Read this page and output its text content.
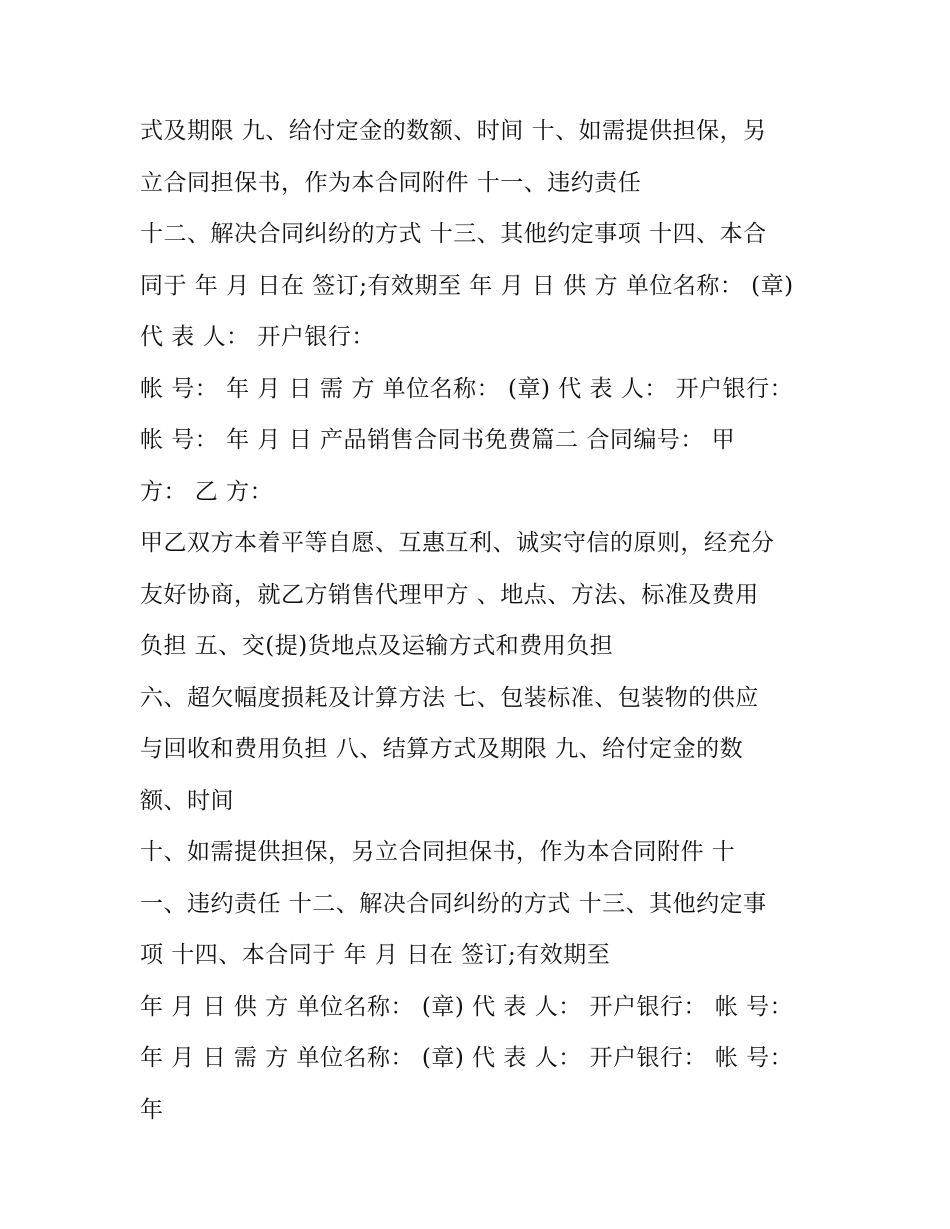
式及期限 九、给付定金的数额、时间 十、如需提供担保，另
立合同担保书，作为本合同附件 十一、违约责任
十二、解决合同纠纷的方式 十三、其他约定事项 十四、本合
同于 年 月 日在 签订;有效期至 年 月 日 供 方 单位名称： (章)
代 表 人： 开户银行：
帐 号： 年 月 日 需 方 单位名称： (章) 代 表 人： 开户银行：
帐 号： 年 月 日 产品销售合同书免费篇二 合同编号： 甲
方： 乙 方：
甲乙双方本着平等自愿、互惠互利、诚实守信的原则，经充分
友好协商，就乙方销售代理甲方 、地点、方法、标准及费用
负担 五、交(提)货地点及运输方式和费用负担
六、超欠幅度损耗及计算方法 七、包装标准、包装物的供应
与回收和费用负担 八、结算方式及期限 九、给付定金的数
额、时间
十、如需提供担保，另立合同担保书，作为本合同附件 十
一、违约责任 十二、解决合同纠纷的方式 十三、其他约定事
项 十四、本合同于 年 月 日在 签订;有效期至
年 月 日 供 方 单位名称： (章) 代 表 人： 开户银行： 帐 号：
年 月 日 需 方 单位名称： (章) 代 表 人： 开户银行： 帐 号：
年
